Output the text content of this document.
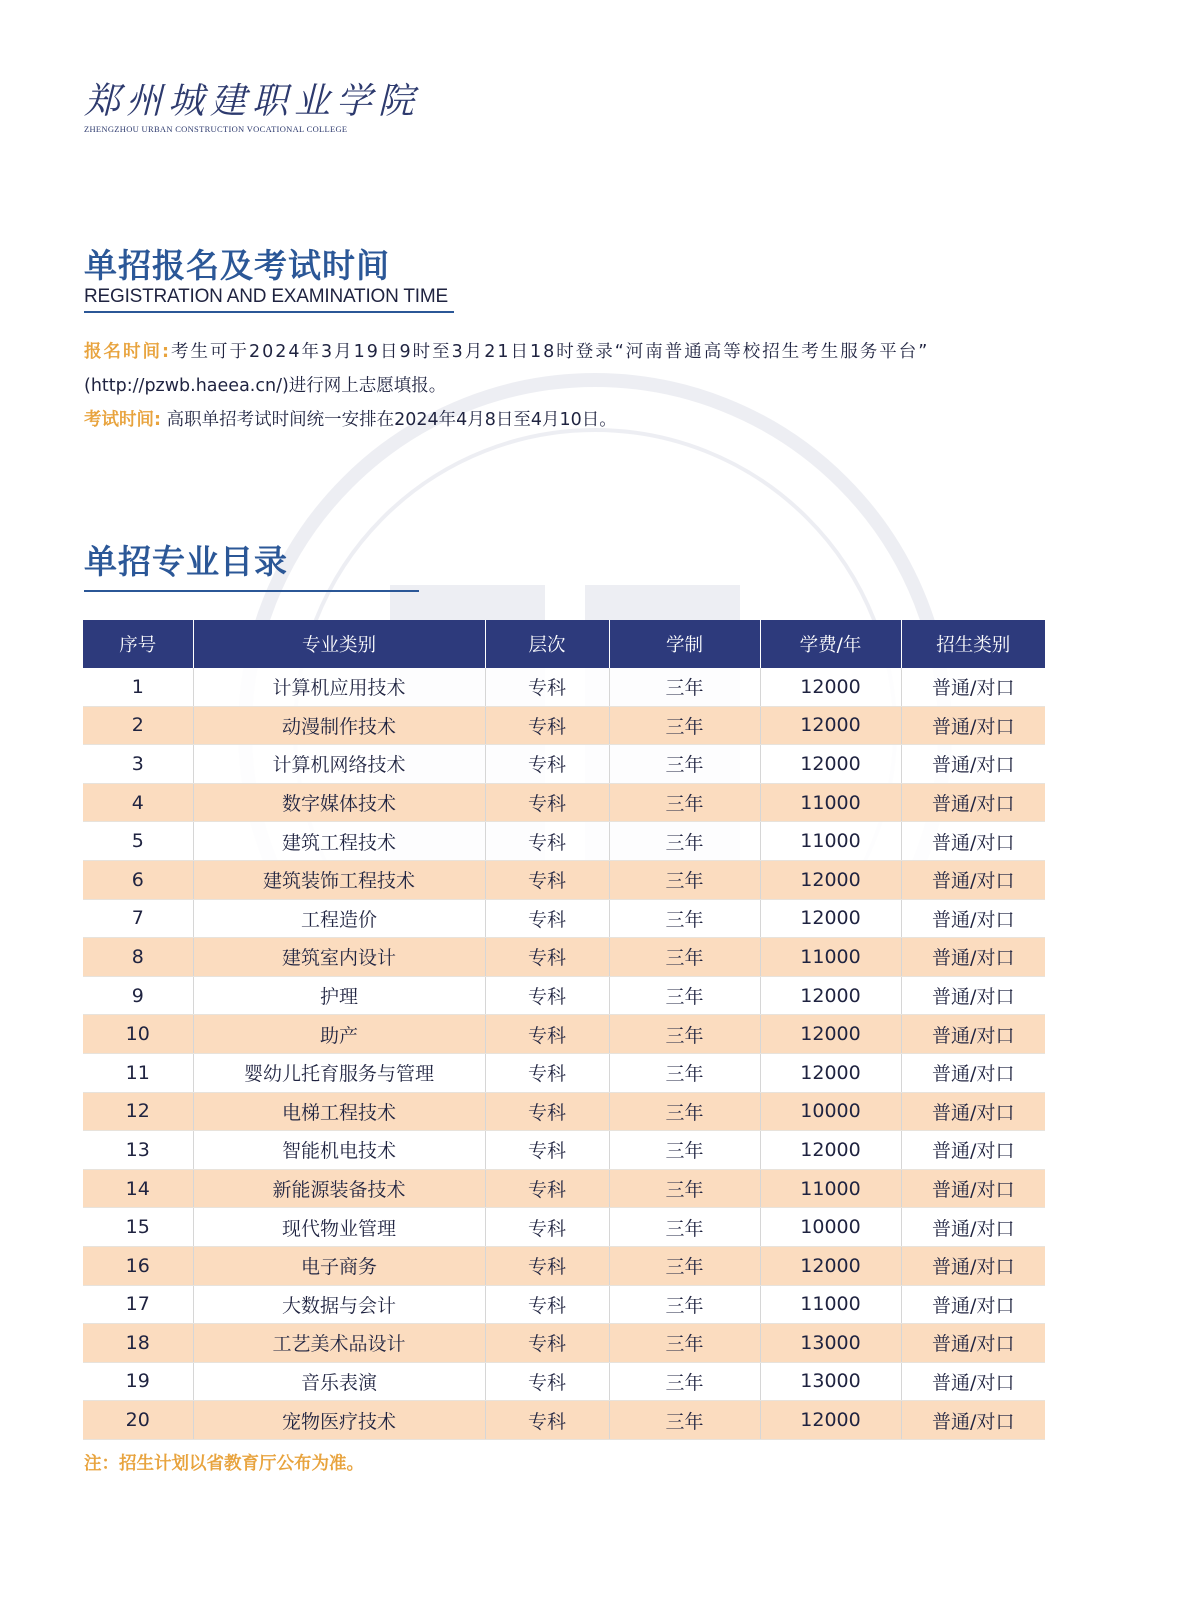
郑州城建职业学院
ZHENGZHOU URBAN CONSTRUCTION VOCATIONAL COLLEGE
单招报名及考试时间
REGISTRATION AND EXAMINATION TIME
报名时间:考生可于2024年3月19日9时至3月21日18时登录“河南普通高等校招生考生服务平台”
(http://pzwb.haeea.cn/)进行网上志愿填报。
考试时间: 高职单招考试时间统一安排在2024年4月8日至4月10日。
单招专业目录
序号	专业类别	层次	学制	学费/年	招生类别
1	计算机应用技术	专科	三年	12000	普通/对口
2	动漫制作技术	专科	三年	12000	普通/对口
3	计算机网络技术	专科	三年	12000	普通/对口
4	数字媒体技术	专科	三年	11000	普通/对口
5	建筑工程技术	专科	三年	11000	普通/对口
6	建筑装饰工程技术	专科	三年	12000	普通/对口
7	工程造价	专科	三年	12000	普通/对口
8	建筑室内设计	专科	三年	11000	普通/对口
9	护理	专科	三年	12000	普通/对口
10	助产	专科	三年	12000	普通/对口
11	婴幼儿托育服务与管理	专科	三年	12000	普通/对口
12	电梯工程技术	专科	三年	10000	普通/对口
13	智能机电技术	专科	三年	12000	普通/对口
14	新能源装备技术	专科	三年	11000	普通/对口
15	现代物业管理	专科	三年	10000	普通/对口
16	电子商务	专科	三年	12000	普通/对口
17	大数据与会计	专科	三年	11000	普通/对口
18	工艺美术品设计	专科	三年	13000	普通/对口
19	音乐表演	专科	三年	13000	普通/对口
20	宠物医疗技术	专科	三年	12000	普通/对口
注：招生计划以省教育厅公布为准。
